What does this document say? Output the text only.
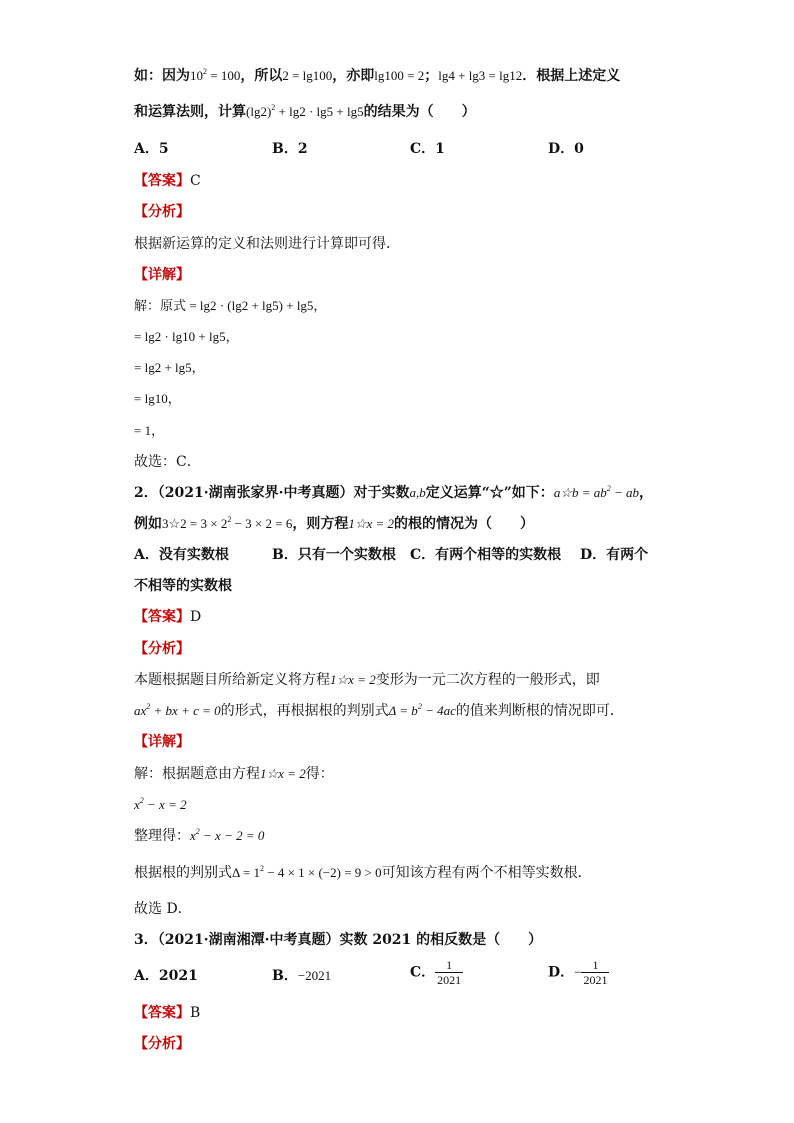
如：因为$10^2 = 100$，所以2 = lg100，亦即lg100 = 2；lg4 + lg3 = lg12．根据上述定义
和运算法则，计算$(\lg 2)^2 + \lg 2 \cdot \lg 5 + \lg 5$的结果为（　　）
A．5	B．2	C．1	D．0
【答案】C
【分析】
根据新运算的定义和法则进行计算即可得．
【详解】
解：原式 = lg2 · (lg2 + lg5) + lg5，
= lg2 · lg10 + lg5，
= lg2 + lg5，
= lg10，
= 1，
故选：C．
2．（2021·湖南张家界·中考真题）对于实数a,b定义运算“☆”如下：a☆b = $ab^2$ − ab，
例如3☆2 = $3 \times 2^2 - 3 \times 2 = 6$，则方程1☆x = 2的根的情况为（　　）
A．没有实数根	B．只有一个实数根 C．有两个相等的实数根 D．有两个
不相等的实数根
【答案】D
【分析】
本题根据题目所给新定义将方程1☆x = 2变形为一元二次方程的一般形式，即
$ax^2$ + bx + c = 0的形式，再根据根的判别式$\Delta = b^2 - 4ac$的值来判断根的情况即可．
【详解】
解：根据题意由方程1☆x = 2得：
$x^2 - x = 2$
整理得：$x^2 - x - 2 = 0$
根据根的判别式$\Delta = 1^2 - 4 \times 1 \times (-2) = 9 > 0$可知该方程有两个不相等实数根．
故选 D．
3．（2021·湖南湘潭·中考真题）实数 2021 的相反数是（　　）
A．2021	B．−2021	C． $\frac{1}{2021}$	D．− $\frac{1}{2021}$
【答案】B
【分析】
